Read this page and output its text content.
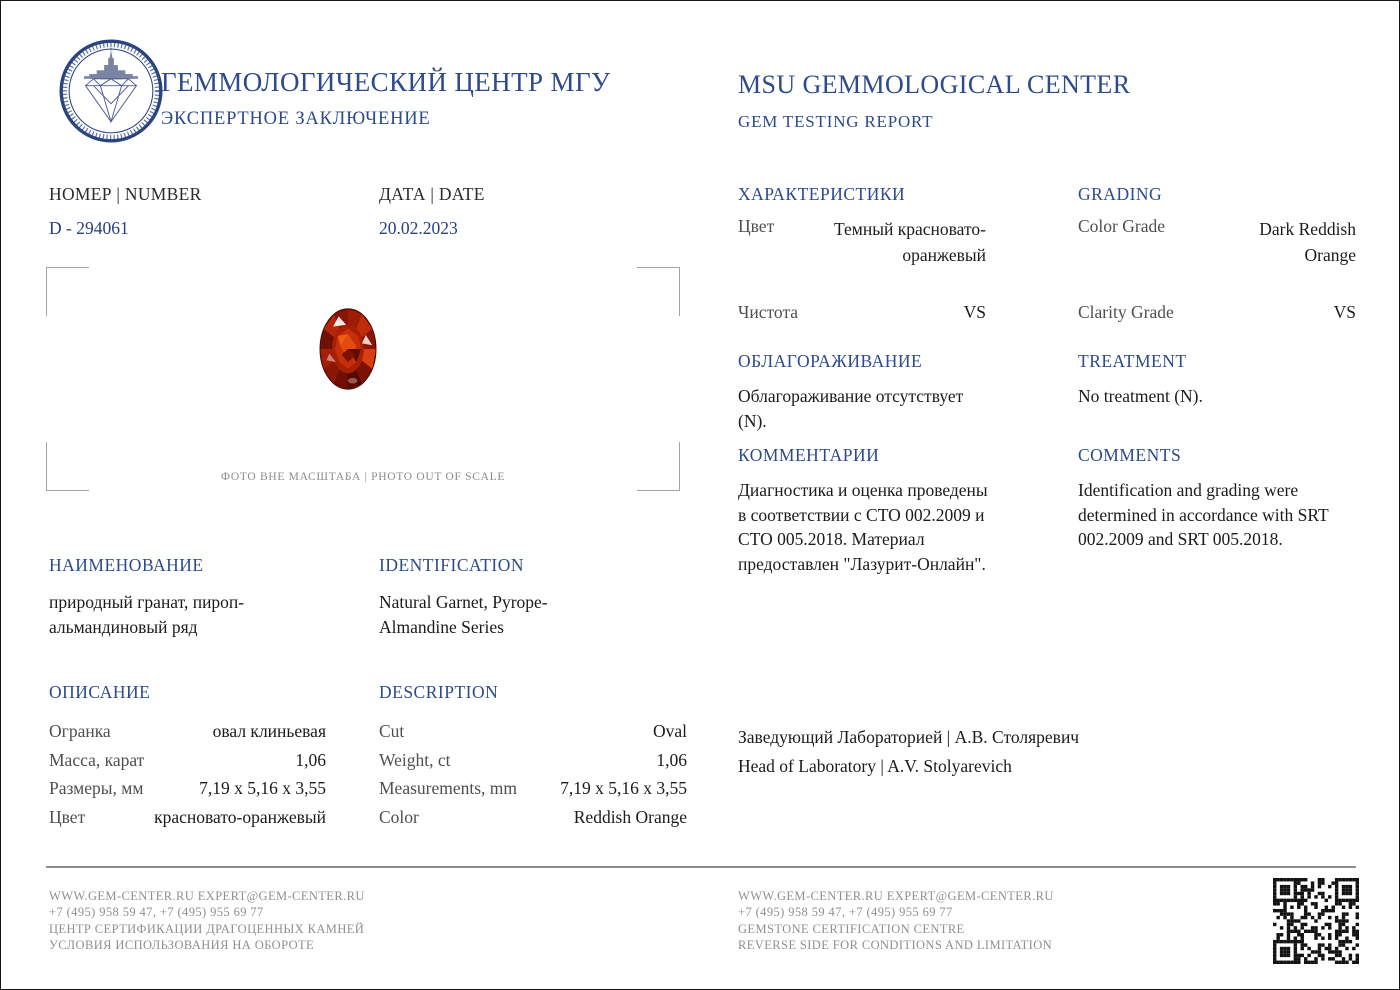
ГЕММОЛОГИЧЕСКИЙ ЦЕНТР МГУ
ЭКСПЕРТНОЕ ЗАКЛЮЧЕНИЕ
MSU GEMMOLOGICAL CENTER
GEM TESTING REPORT
НОМЕР | NUMBER
D - 294061
ДАТА | DATE
20.02.2023
ФОТО ВНЕ МАСШТАБА | PHOTO OUT OF SCALE
ХАРАКТЕРИСТИКИ
Цвет	Темный красновато-оранжевый
Чистота	VS
GRADING
Color Grade	Dark Reddish Orange
Clarity Grade	VS
ОБЛАГОРАЖИВАНИЕ
Облагораживание отсутствует (N).
TREATMENT
No treatment (N).
КОММЕНТАРИИ
Диагностика и оценка проведены в соответствии с СТО 002.2009 и СТО 005.2018. Материал предоставлен "Лазурит-Онлайн".
COMMENTS
Identification and grading were determined in accordance with SRT 002.2009 and SRT 005.2018.
НАИМЕНОВАНИЕ
природный гранат, пироп-альмандиновый ряд
IDENTIFICATION
Natural Garnet, Pyrope-Almandine Series
ОПИСАНИЕ
Огранка	овал клиньевая
Масса, карат	1,06
Размеры, мм	7,19 x 5,16 x 3,55
Цвет	красновато-оранжевый
DESCRIPTION
Cut	Oval
Weight, ct	1,06
Measurements, mm 7,19 x 5,16 x 3,55
Color	Reddish Orange
Заведующий Лабораторией | А.В. Столяревич
Head of Laboratory | A.V. Stolyarevich
WWW.GEM-CENTER.RU EXPERT@GEM-CENTER.RU
+7 (495) 958 59 47, +7 (495) 955 69 77
ЦЕНТР СЕРТИФИКАЦИИ ДРАГОЦЕННЫХ КАМНЕЙ
УСЛОВИЯ ИСПОЛЬЗОВАНИЯ НА ОБОРОТЕ
WWW.GEM-CENTER.RU EXPERT@GEM-CENTER.RU
+7 (495) 958 59 47, +7 (495) 955 69 77
GEMSTONE CERTIFICATION CENTRE
REVERSE SIDE FOR CONDITIONS AND LIMITATION
